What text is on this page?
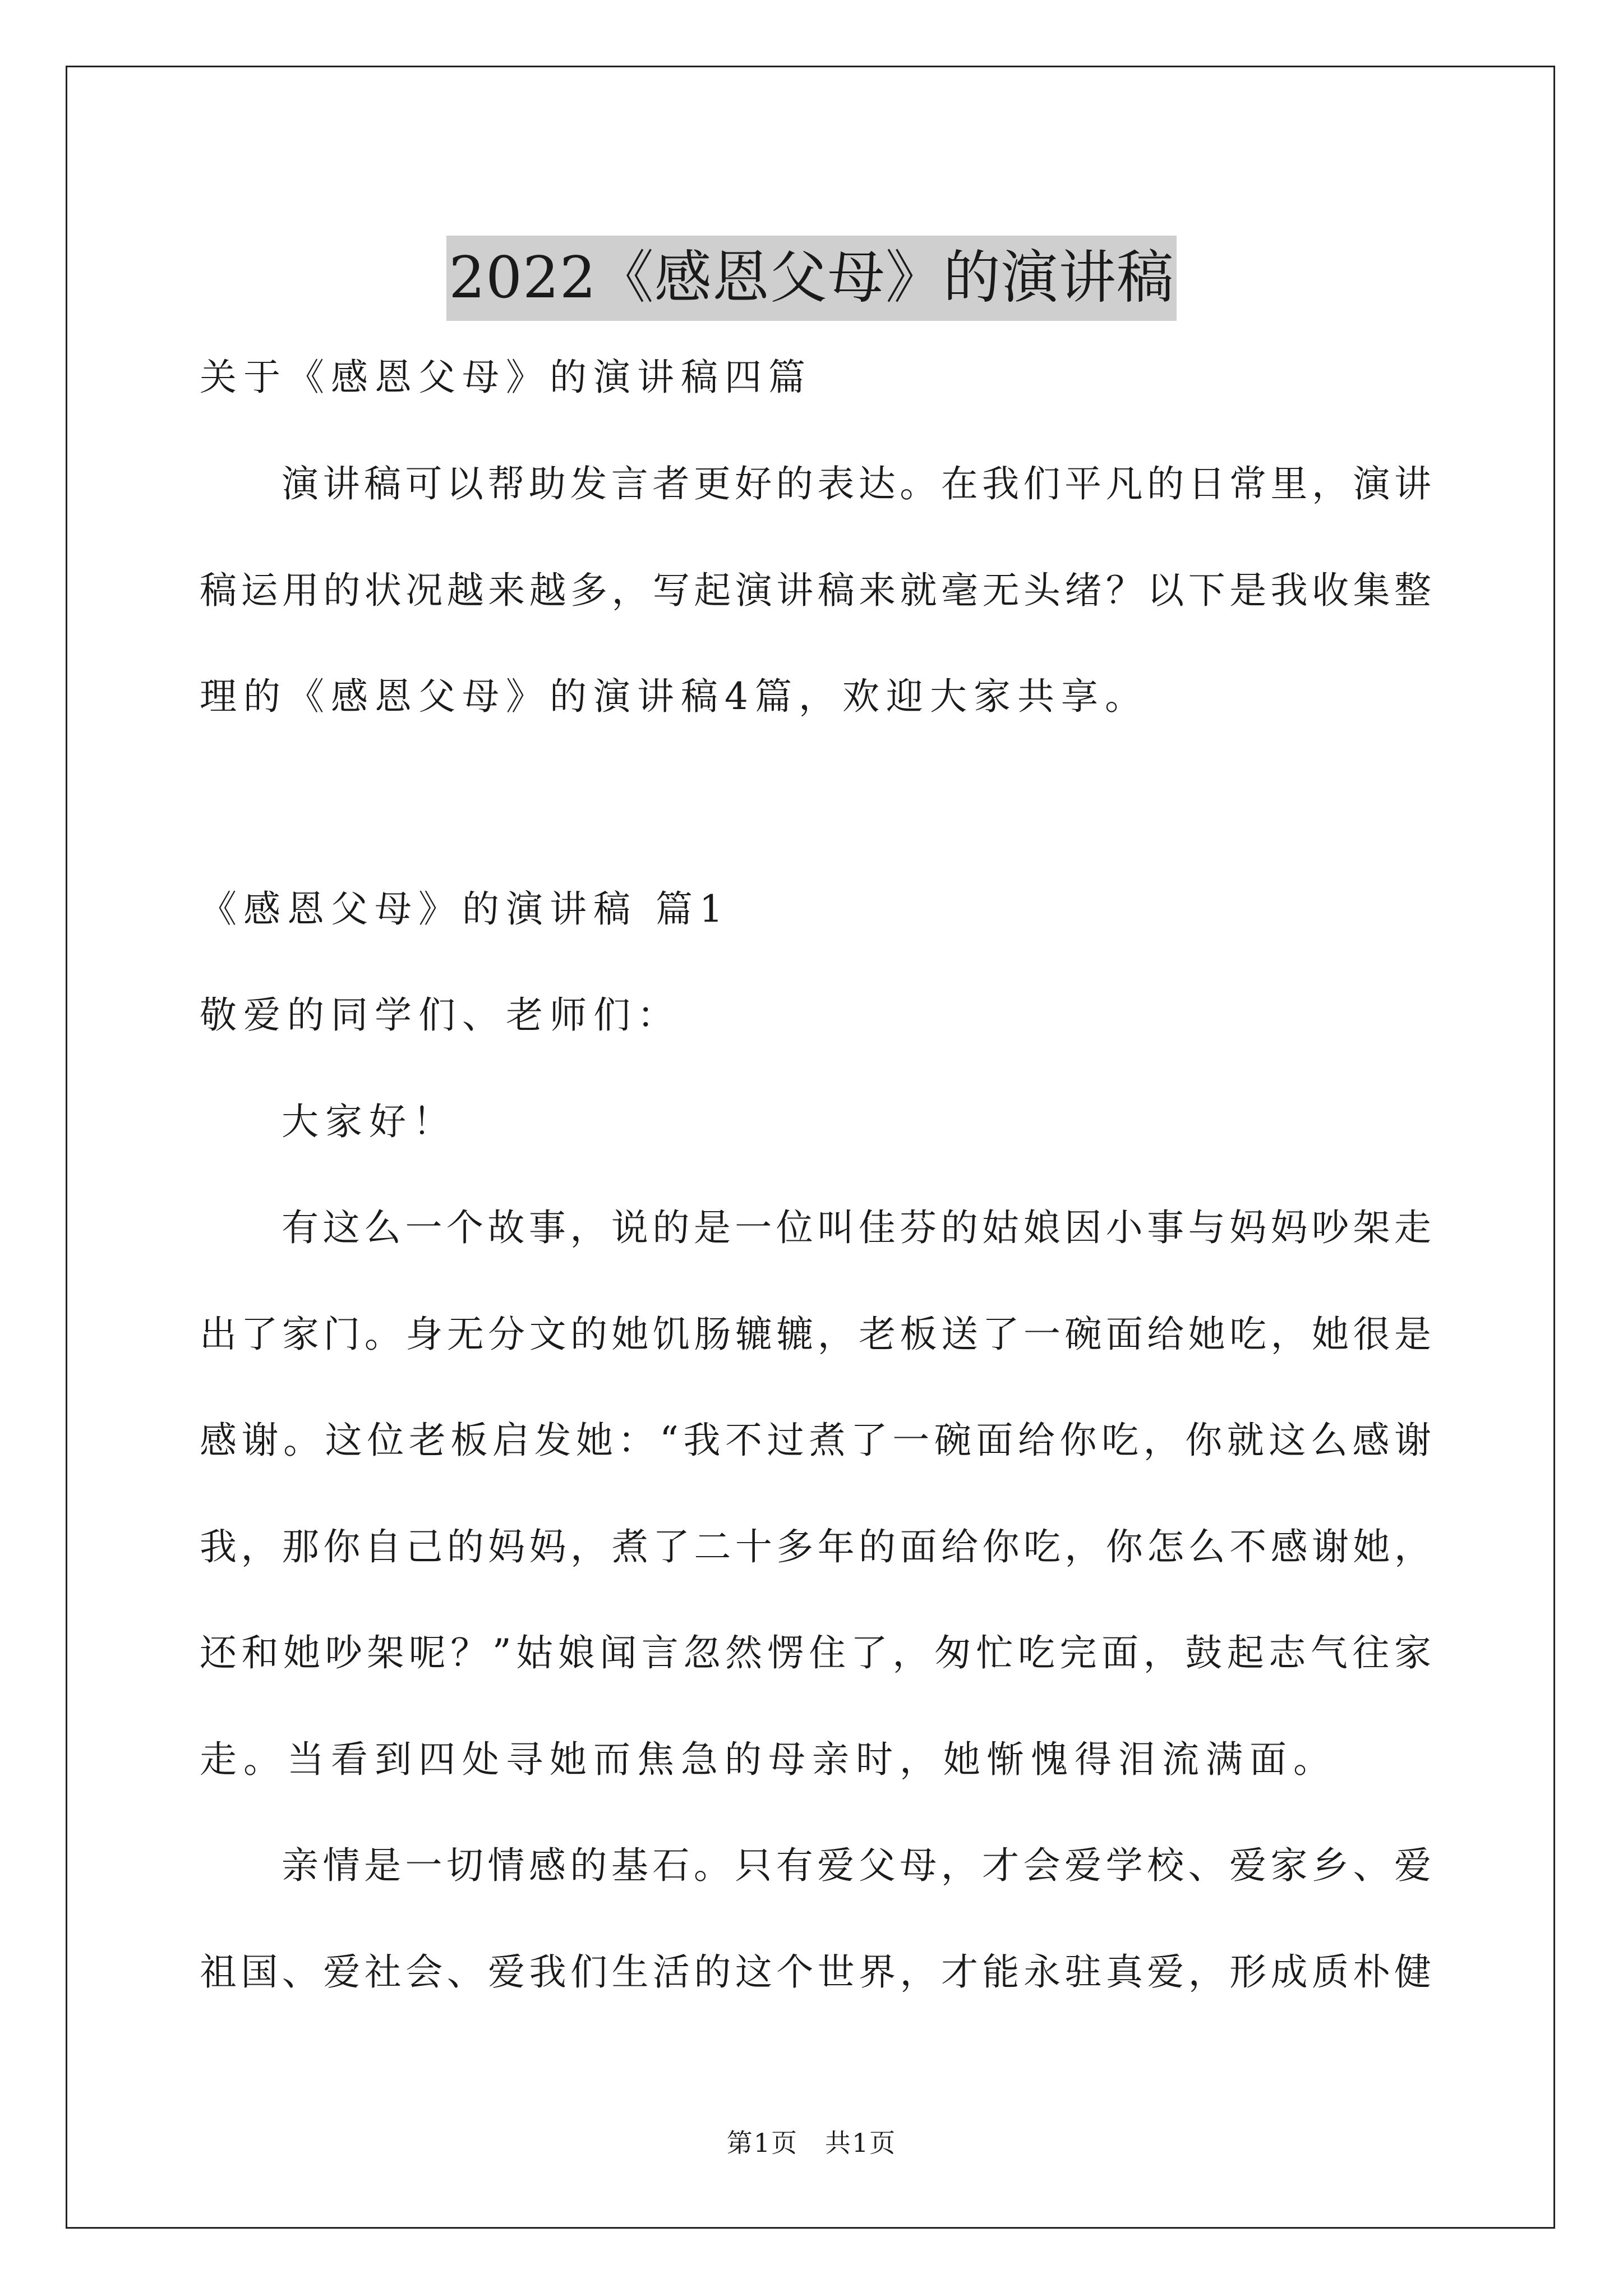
2022《感恩父母》的演讲稿
关于《感恩父母》的演讲稿四篇
演讲稿可以帮助发言者更好的表达。在我们平凡的日常里，演讲
稿运用的状况越来越多，写起演讲稿来就毫无头绪？以下是我收集整
理的《感恩父母》的演讲稿4篇，欢迎大家共享。
《感恩父母》的演讲稿 篇1
敬爱的同学们、老师们：
大家好！
有这么一个故事，说的是一位叫佳芬的姑娘因小事与妈妈吵架走
出了家门。身无分文的她饥肠辘辘，老板送了一碗面给她吃，她很是
感谢。这位老板启发她：“我不过煮了一碗面给你吃，你就这么感谢
我，那你自己的妈妈，煮了二十多年的面给你吃，你怎么不感谢她，
还和她吵架呢？”姑娘闻言忽然愣住了，匆忙吃完面，鼓起志气往家
走。当看到四处寻她而焦急的母亲时，她惭愧得泪流满面。
亲情是一切情感的基石。只有爱父母，才会爱学校、爱家乡、爱
祖国、爱社会、爱我们生活的这个世界，才能永驻真爱，形成质朴健
第1页　共1页
